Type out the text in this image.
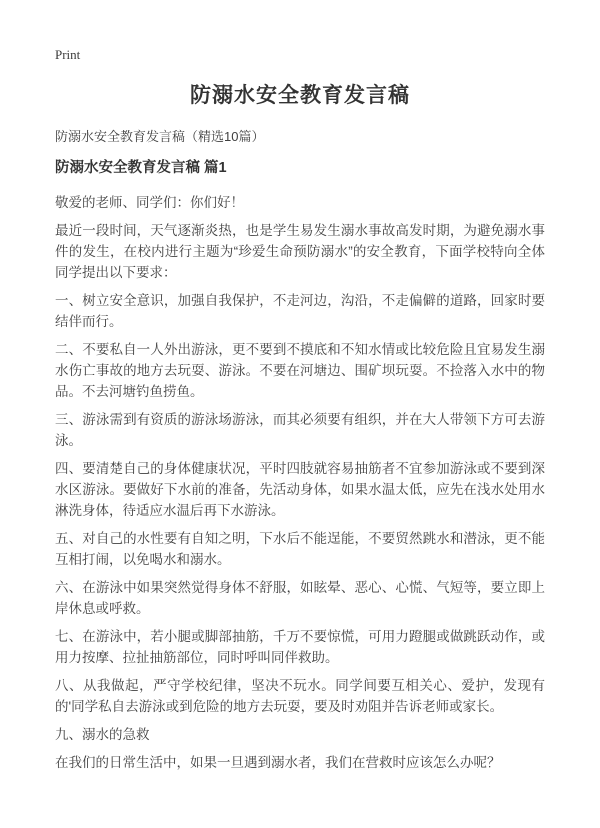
Print
防溺水安全教育发言稿
防溺水安全教育发言稿（精选10篇）
防溺水安全教育发言稿 篇1

敬爱的老师、同学们：你们好！

最近一段时间，天气逐渐炎热，也是学生易发生溺水事故高发时期，为避免溺水事件的发生，在校内进行主题为“珍爱生命预防溺水”的安全教育，下面学校特向全体同学提出以下要求：

一、树立安全意识，加强自我保护，不走河边，沟沿，不走偏僻的道路，回家时要结伴而行。

二、不要私自一人外出游泳，更不要到不摸底和不知水情或比较危险且宜易发生溺水伤亡事故的地方去玩耍、游泳。不要在河塘边、围矿坝玩耍。不捡落入水中的物品。不去河塘钓鱼捞鱼。

三、游泳需到有资质的游泳场游泳，而其必须要有组织，并在大人带领下方可去游泳。

四、要清楚自己的身体健康状况，平时四肢就容易抽筋者不宜参加游泳或不要到深水区游泳。要做好下水前的准备，先活动身体，如果水温太低，应先在浅水处用水淋洗身体，待适应水温后再下水游泳。

五、对自己的水性要有自知之明，下水后不能逞能，不要贸然跳水和潜泳，更不能互相打闹，以免喝水和溺水。

六、在游泳中如果突然觉得身体不舒服，如眩晕、恶心、心慌、气短等，要立即上岸休息或呼救。

七、在游泳中，若小腿或脚部抽筋，千万不要惊慌，可用力蹬腿或做跳跃动作，或用力按摩、拉扯抽筋部位，同时呼叫同伴救助。

八、从我做起，严守学校纪律，坚决不玩水。同学间要互相关心、爱护，发现有的'同学私自去游泳或到危险的地方去玩耍，要及时劝阻并告诉老师或家长。

九、溺水的急救

在我们的日常生活中，如果一旦遇到溺水者，我们在营救时应该怎么办呢？
